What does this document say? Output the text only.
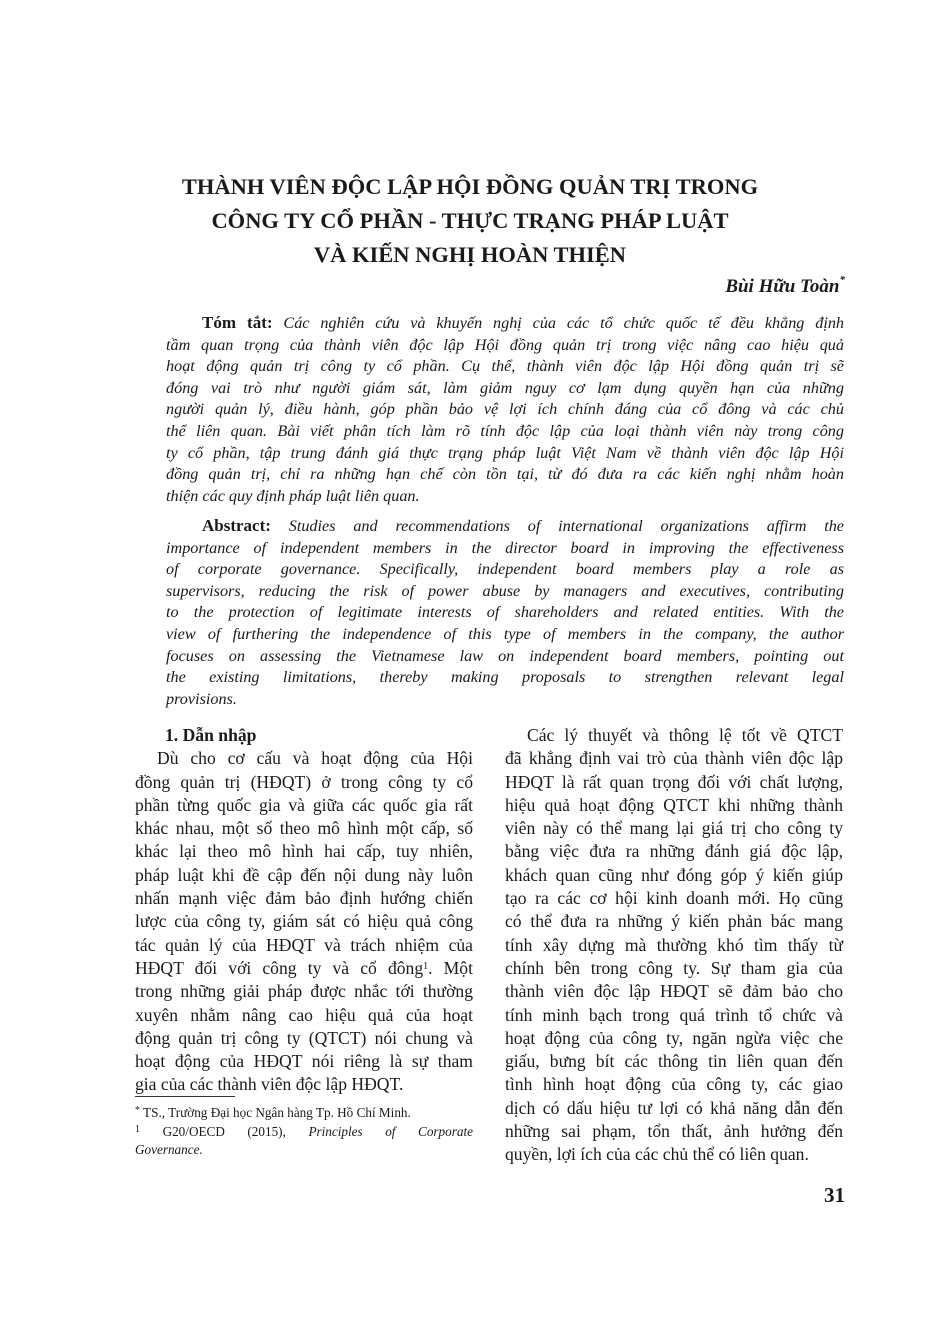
THÀNH VIÊN ĐỘC LẬP HỘI ĐỒNG QUẢN TRỊ TRONG
CÔNG TY CỔ PHẦN - THỰC TRẠNG PHÁP LUẬT
VÀ KIẾN NGHỊ HOÀN THIỆN
Bùi Hữu Toàn*
Tóm tắt: Các nghiên cứu và khuyến nghị của các tổ chức quốc tế đều khẳng định
tầm quan trọng của thành viên độc lập Hội đồng quản trị trong việc nâng cao hiệu quả
hoạt động quản trị công ty cổ phần. Cụ thể, thành viên độc lập Hội đồng quản trị sẽ
đóng vai trò như người giám sát, làm giảm nguy cơ lạm dụng quyền hạn của những
người quản lý, điều hành, góp phần bảo vệ lợi ích chính đáng của cổ đông và các chủ
thể liên quan. Bài viết phân tích làm rõ tính độc lập của loại thành viên này trong công
ty cổ phần, tập trung đánh giá thực trạng pháp luật Việt Nam về thành viên độc lập Hội
đồng quản trị, chỉ ra những hạn chế còn tồn tại, từ đó đưa ra các kiến nghị nhằm hoàn
thiện các quy định pháp luật liên quan.
Abstract: Studies and recommendations of international organizations affirm the
importance of independent members in the director board in improving the effectiveness
of corporate governance. Specifically, independent board members play a role as
supervisors, reducing the risk of power abuse by managers and executives, contributing
to the protection of legitimate interests of shareholders and related entities. With the
view of furthering the independence of this type of members in the company, the author
focuses on assessing the Vietnamese law on independent board members, pointing out
the existing limitations, thereby making proposals to strengthen relevant legal
provisions.
1. Dẫn nhập
Dù cho cơ cấu và hoạt động của Hội
đồng quản trị (HĐQT) ở trong công ty cổ
phần từng quốc gia và giữa các quốc gia rất
khác nhau, một số theo mô hình một cấp, số
khác lại theo mô hình hai cấp, tuy nhiên,
pháp luật khi đề cập đến nội dung này luôn
nhấn mạnh việc đảm bảo định hướng chiến
lược của công ty, giám sát có hiệu quả công
tác quản lý của HĐQT và trách nhiệm của
HĐQT đối với công ty và cổ đông$^1$. Một
trong những giải pháp được nhắc tới thường
xuyên nhằm nâng cao hiệu quả của hoạt
động quản trị công ty (QTCT) nói chung và
hoạt động của HĐQT nói riêng là sự tham
gia của các thành viên độc lập HĐQT.
Các lý thuyết và thông lệ tốt về QTCT
đã khẳng định vai trò của thành viên độc lập
HĐQT là rất quan trọng đối với chất lượng,
hiệu quả hoạt động QTCT khi những thành
viên này có thể mang lại giá trị cho công ty
bằng việc đưa ra những đánh giá độc lập,
khách quan cũng như đóng góp ý kiến giúp
tạo ra các cơ hội kinh doanh mới. Họ cũng
có thể đưa ra những ý kiến phản bác mang
tính xây dựng mà thường khó tìm thấy từ
chính bên trong công ty. Sự tham gia của
thành viên độc lập HĐQT sẽ đảm bảo cho
tính minh bạch trong quá trình tổ chức và
hoạt động của công ty, ngăn ngừa việc che
giấu, bưng bít các thông tin liên quan đến
tình hình hoạt động của công ty, các giao
dịch có dấu hiệu tư lợi có khả năng dẫn đến
những sai phạm, tổn thất, ảnh hưởng đến
quyền, lợi ích của các chủ thể có liên quan.
* TS., Trường Đại học Ngân hàng Tp. Hồ Chí Minh.
$^1$ G20/OECD (2015), Principles of Corporate
Governance.
31
